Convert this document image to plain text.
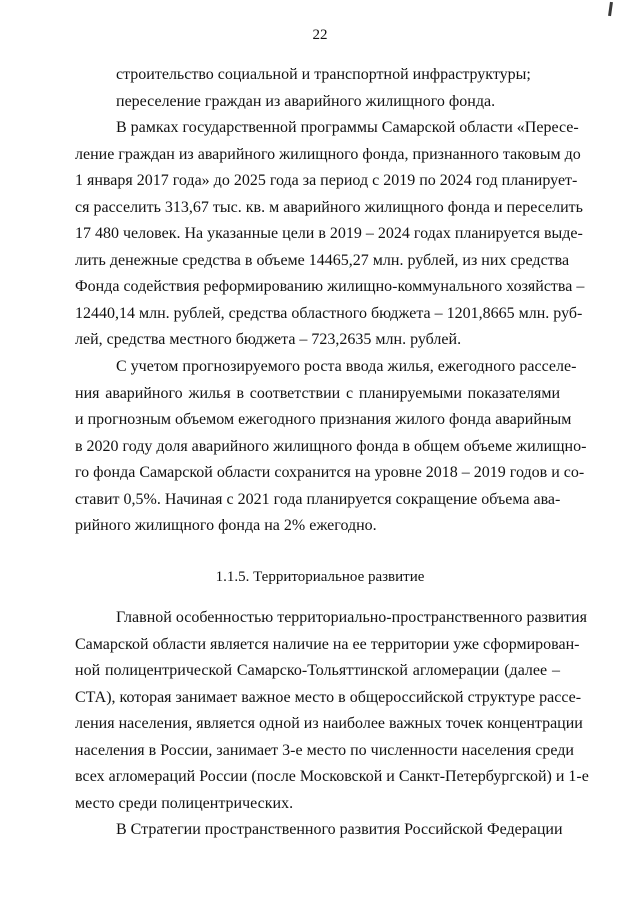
22
строительство социальной и транспортной инфраструктуры;
переселение граждан из аварийного жилищного фонда.
В рамках государственной программы Самарской области «Пересе-
ление граждан из аварийного жилищного фонда, признанного таковым до
1 января 2017 года» до 2025 года за период с 2019 по 2024 год планирует-
ся расселить 313,67 тыс. кв. м аварийного жилищного фонда и переселить
17 480 человек. На указанные цели в 2019 – 2024 годах планируется выде-
лить денежные средства в объеме 14465,27 млн. рублей, из них средства
Фонда содействия реформированию жилищно-коммунального хозяйства –
12440,14 млн. рублей, средства областного бюджета – 1201,8665 млн. руб-
лей, средства местного бюджета – 723,2635 млн. рублей.
С учетом прогнозируемого роста ввода жилья, ежегодного расселе-
ния аварийного жилья в соответствии с планируемыми показателями
и прогнозным объемом ежегодного признания жилого фонда аварийным
в 2020 году доля аварийного жилищного фонда в общем объеме жилищно-
го фонда Самарской области сохранится на уровне 2018 – 2019 годов и со-
ставит 0,5%. Начиная с 2021 года планируется сокращение объема ава-
рийного жилищного фонда на 2% ежегодно.
1.1.5. Территориальное развитие
Главной особенностью территориально-пространственного развития
Самарской области является наличие на ее территории уже сформирован-
ной полицентрической Самарско-Тольяттинской агломерации (далее –
СТА), которая занимает важное место в общероссийской структуре рассе-
ления населения, является одной из наиболее важных точек концентрации
населения в России, занимает 3-е место по численности населения среди
всех агломераций России (после Московской и Санкт-Петербургской) и 1-е
место среди полицентрических.
В Стратегии пространственного развития Российской Федерации
